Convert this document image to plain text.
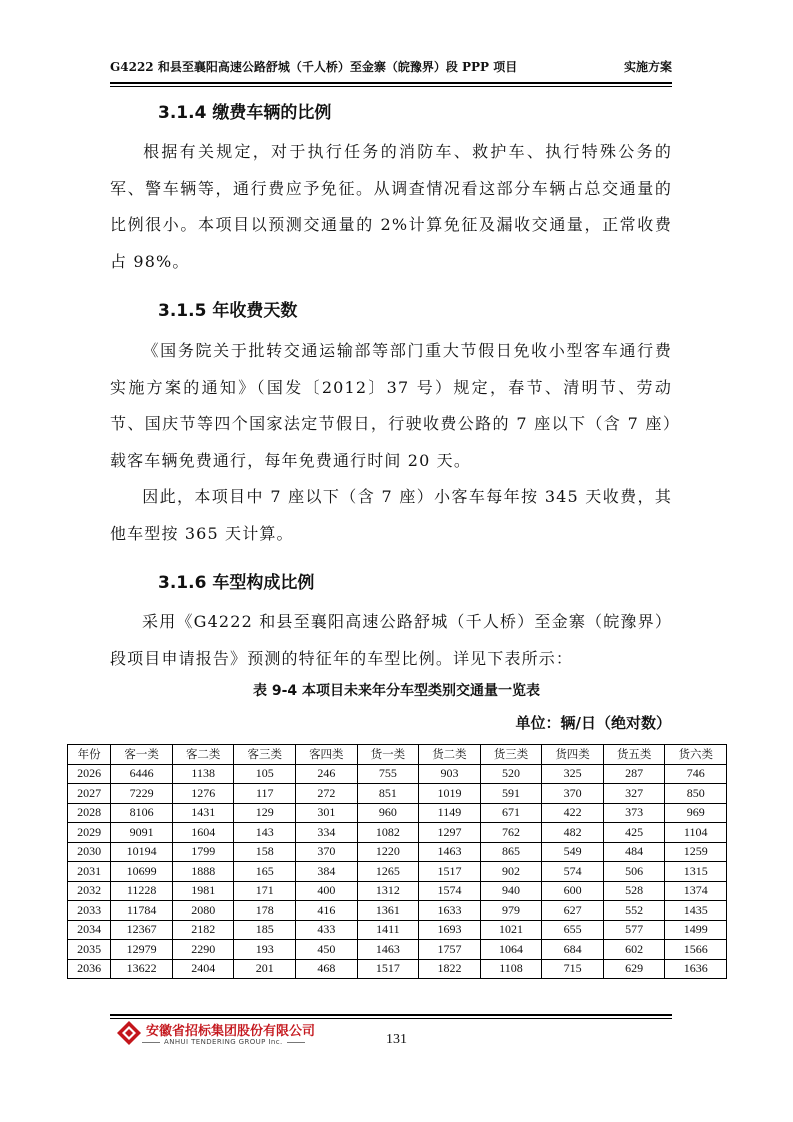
G4222 和县至襄阳高速公路舒城（千人桥）至金寨（皖豫界）段 PPP 项目	实施方案
3.1.4 缴费车辆的比例
根据有关规定，对于执行任务的消防车、救护车、执行特殊公务的军、警车辆等，通行费应予免征。从调查情况看这部分车辆占总交通量的比例很小。本项目以预测交通量的 2%计算免征及漏收交通量，正常收费占 98%。
3.1.5 年收费天数
《国务院关于批转交通运输部等部门重大节假日免收小型客车通行费实施方案的通知》（国发〔2012〕37 号）规定，春节、清明节、劳动节、国庆节等四个国家法定节假日，行驶收费公路的 7 座以下（含 7 座）载客车辆免费通行，每年免费通行时间 20 天。
因此，本项目中 7 座以下（含 7 座）小客车每年按 345 天收费，其他车型按 365 天计算。
3.1.6 车型构成比例
采用《G4222 和县至襄阳高速公路舒城（千人桥）至金寨（皖豫界）段项目申请报告》预测的特征年的车型比例。详见下表所示：
表 9-4 本项目未来年分车型类别交通量一览表
单位：辆/日（绝对数）
年份	客一类	客二类	客三类	客四类	货一类	货二类	货三类	货四类	货五类	货六类
2026	6446	1138	105	246	755	903	520	325	287	746
2027	7229	1276	117	272	851	1019	591	370	327	850
2028	8106	1431	129	301	960	1149	671	422	373	969
2029	9091	1604	143	334	1082	1297	762	482	425	1104
2030	10194	1799	158	370	1220	1463	865	549	484	1259
2031	10699	1888	165	384	1265	1517	902	574	506	1315
2032	11228	1981	171	400	1312	1574	940	600	528	1374
2033	11784	2080	178	416	1361	1633	979	627	552	1435
2034	12367	2182	185	433	1411	1693	1021	655	577	1499
2035	12979	2290	193	450	1463	1757	1064	684	602	1566
2036	13622	2404	201	468	1517	1822	1108	715	629	1636
安徽省招标集团股份有限公司
ANHUI TENDERING GROUP Inc.	131
